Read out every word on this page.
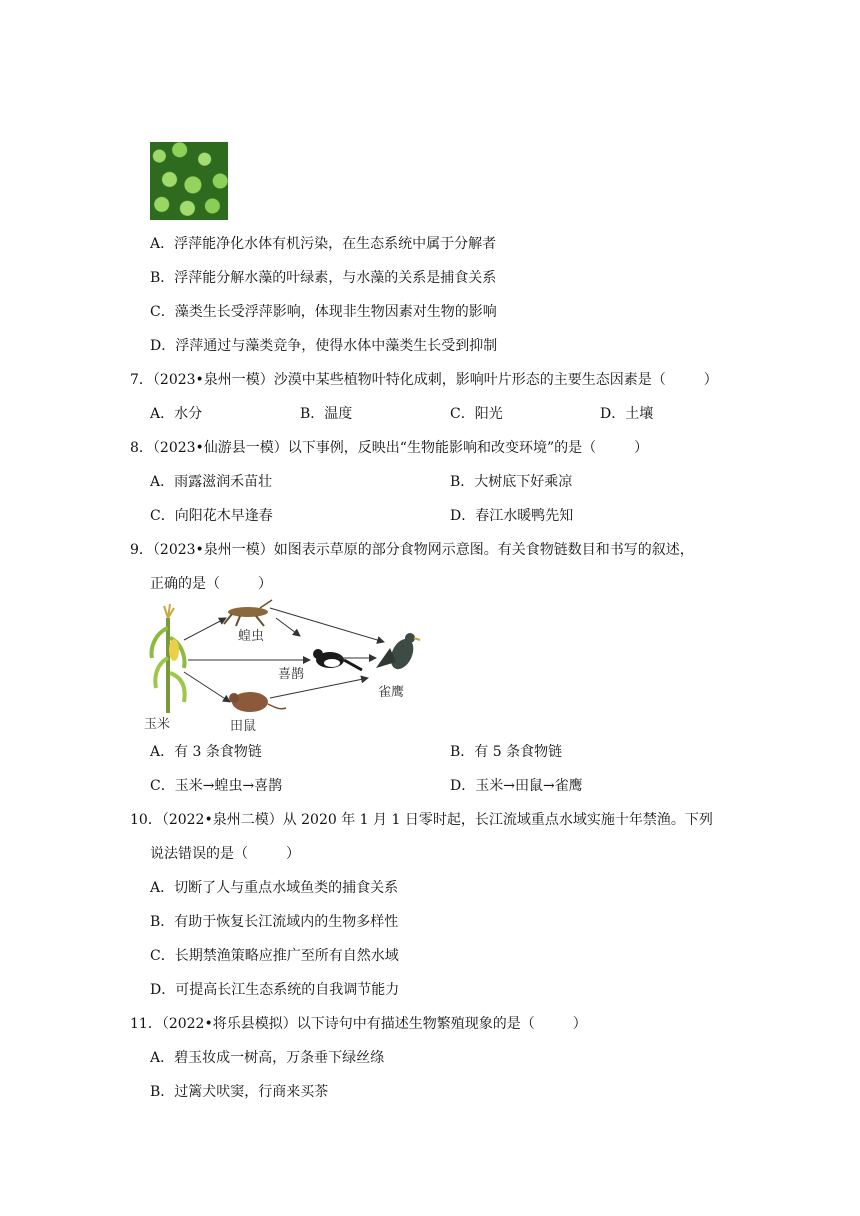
A．浮萍能净化水体有机污染，在生态系统中属于分解者
B．浮萍能分解水藻的叶绿素，与水藻的关系是捕食关系
C．藻类生长受浮萍影响，体现非生物因素对生物的影响
D．浮萍通过与藻类竞争，使得水体中藻类生长受到抑制
7．（2023•泉州一模）沙漠中某些植物叶特化成刺，影响叶片形态的主要生态因素是（	）
A．水分	B．温度	C．阳光	D．土壤
8．（2023•仙游县一模）以下事例，反映出“生物能影响和改变环境”的是（	）
A．雨露滋润禾苗壮	B．大树底下好乘凉
C．向阳花木早逢春	D．春江水暖鸭先知
9．（2023•泉州一模）如图表示草原的部分食物网示意图。有关食物链数目和书写的叙述，
正确的是（	）
蝗虫
喜鹊
雀鹰
田鼠
玉米
A．有 3 条食物链	B．有 5 条食物链
C．玉米→蝗虫→喜鹊	D．玉米→田鼠→雀鹰
10．（2022•泉州二模）从 2020 年 1 月 1 日零时起，长江流域重点水域实施十年禁渔。下列
说法错误的是（	）
A．切断了人与重点水域鱼类的捕食关系
B．有助于恢复长江流域内的生物多样性
C．长期禁渔策略应推广至所有自然水域
D．可提高长江生态系统的自我调节能力
11．（2022•将乐县模拟）以下诗句中有描述生物繁殖现象的是（	）
A．碧玉妆成一树高，万条垂下绿丝绦
B．过篱犬吠窦，行商来买茶
